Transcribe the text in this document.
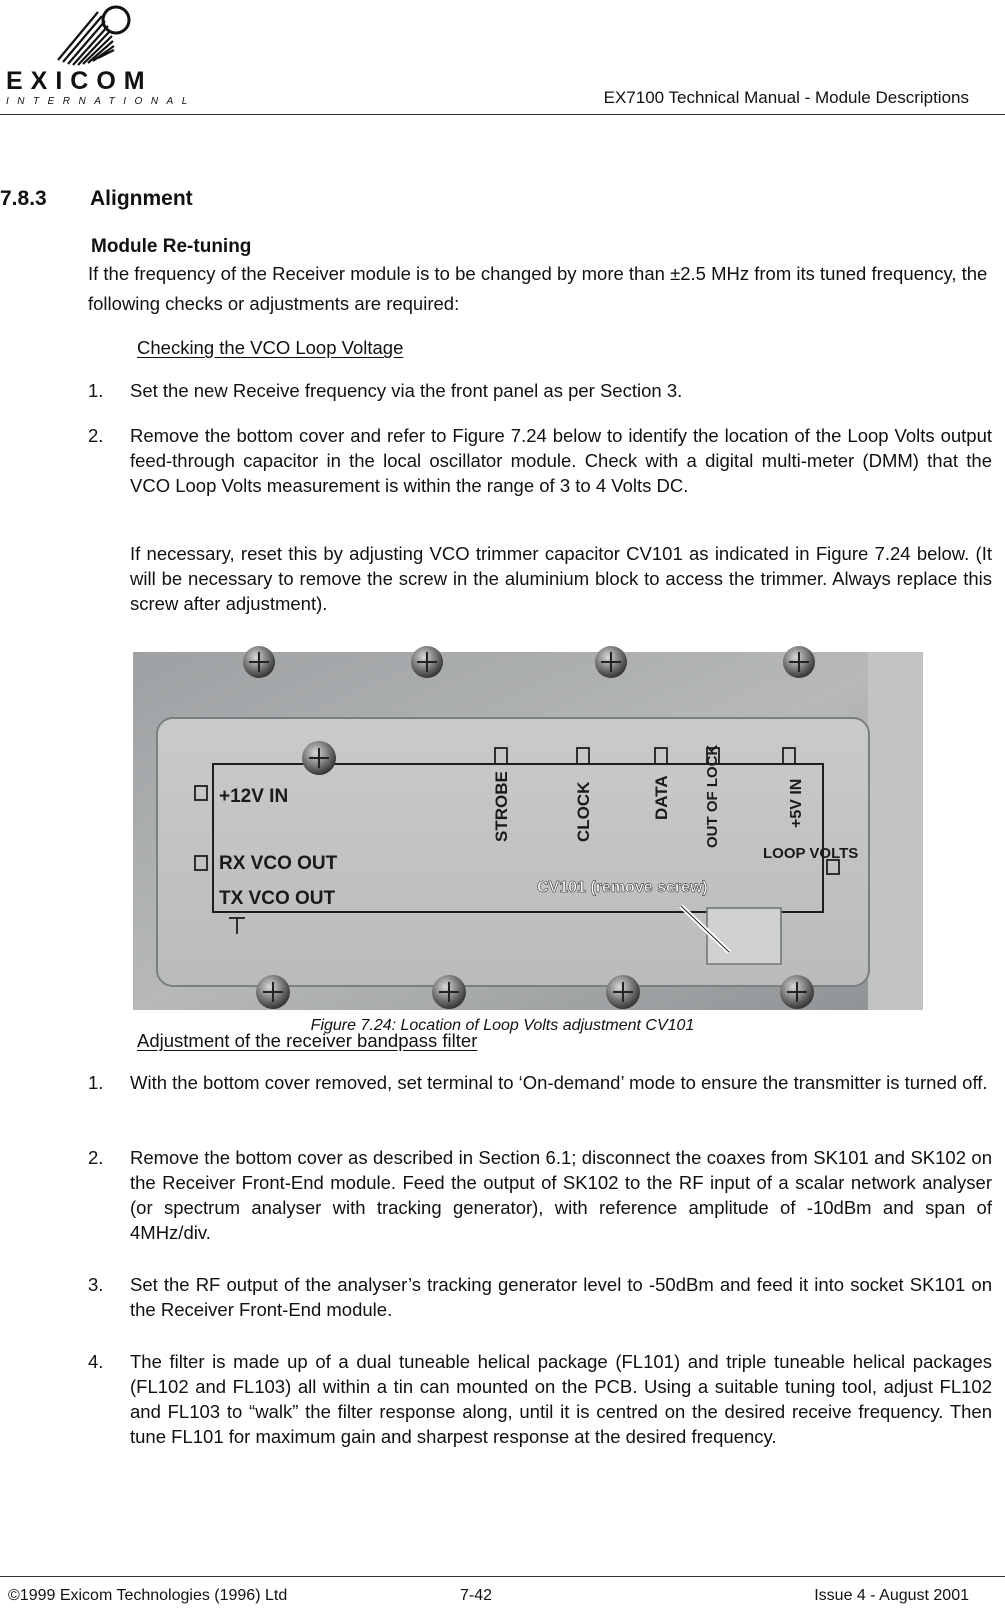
EXICOM
INTERNATIONAL	EX7100 Technical Manual - Module Descriptions
7.8.3 Alignment
Module Re-tuning
If the frequency of the Receiver module is to be changed by more than ±2.5 MHz from its tuned frequency, the following checks or adjustments are required:
Checking the VCO Loop Voltage
1. Set the new Receive frequency via the front panel as per Section 3.
2. Remove the bottom cover and refer to Figure 7.24 below to identify the location of the Loop Volts output feed-through capacitor in the local oscillator module. Check with a digital multi-meter (DMM) that the VCO Loop Volts measurement is within the range of 3 to 4 Volts DC.
If necessary, reset this by adjusting VCO trimmer capacitor CV101 as indicated in Figure 7.24 below. (It will be necessary to remove the screw in the aluminium block to access the trimmer. Always replace this screw after adjustment).
+12V IN
RX VCO OUT
TX VCO OUT
STROBE	CLOCK	DATA OUT OF LOCK	+5V IN
LOOP VOLTS
CV101 (remove screw)
Figure 7.24: Location of Loop Volts adjustment CV101
Adjustment of the receiver bandpass filter
1. With the bottom cover removed, set terminal to ‘On-demand’ mode to ensure the transmitter is turned off.
2. Remove the bottom cover as described in Section 6.1; disconnect the coaxes from SK101 and SK102 on the Receiver Front-End module. Feed the output of SK102 to the RF input of a scalar network analyser (or spectrum analyser with tracking generator), with reference amplitude of -10dBm and span of 4MHz/div.
3. Set the RF output of the analyser’s tracking generator level to -50dBm and feed it into socket SK101 on the Receiver Front-End module.
4. The filter is made up of a dual tuneable helical package (FL101) and triple tuneable helical packages (FL102 and FL103) all within a tin can mounted on the PCB. Using a suitable tuning tool, adjust FL102 and FL103 to “walk” the filter response along, until it is centred on the desired receive frequency. Then tune FL101 for maximum gain and sharpest response at the desired frequency.
©1999 Exicom Technologies (1996) Ltd	7-42	Issue 4 - August 2001
